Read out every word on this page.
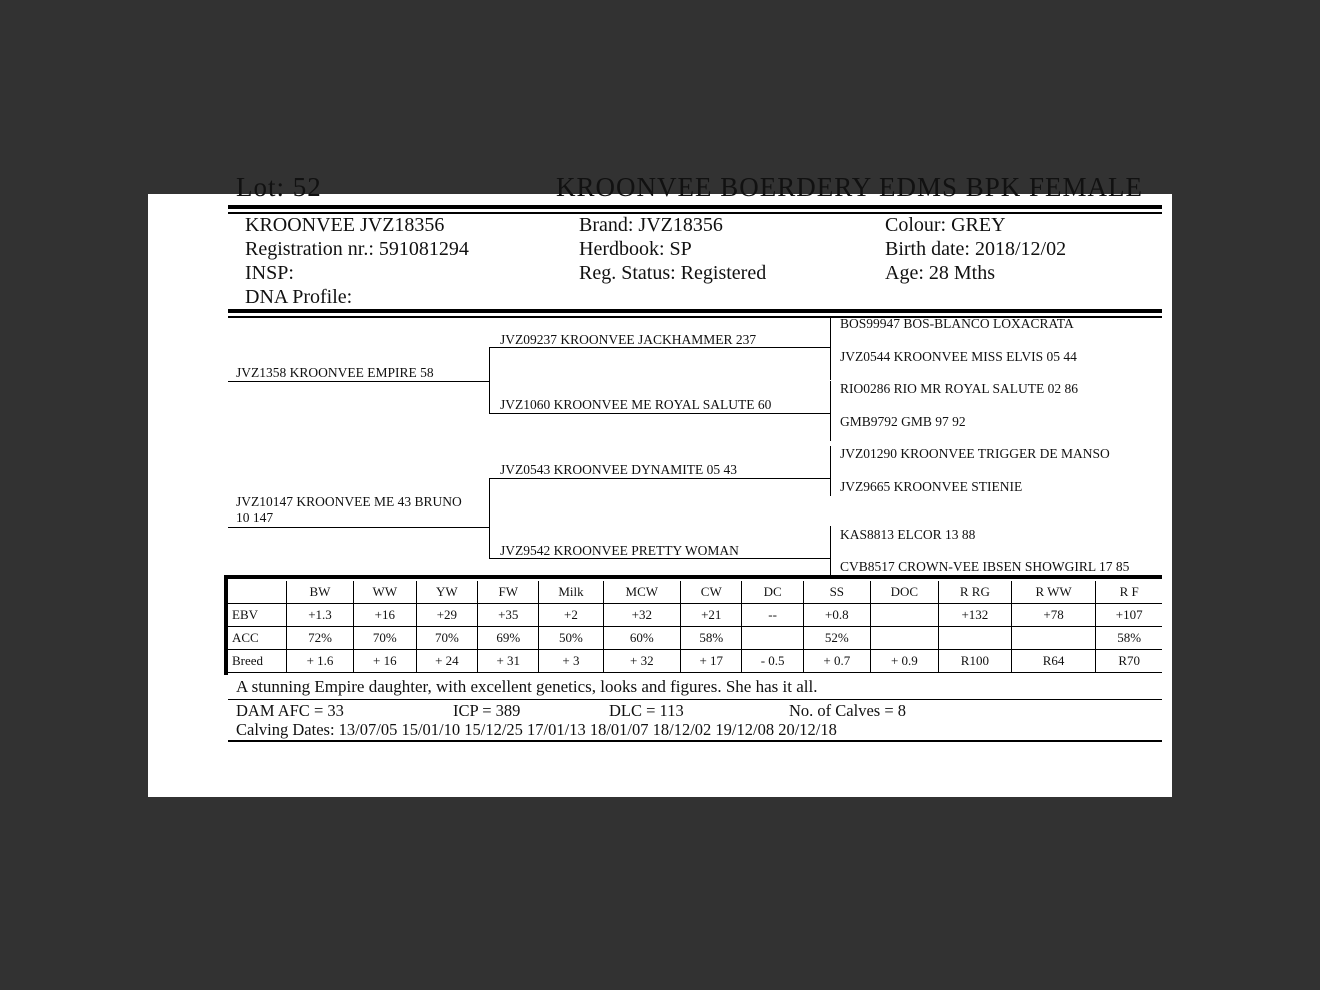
Lot: 52	KROONVEE BOERDERY EDMS BPK FEMALE
KROONVEE JVZ18356
Registration nr.: 591081294
INSP:
DNA Profile:
Brand: JVZ18356
Herdbook: SP
Reg. Status: Registered
Colour: GREY
Birth date: 2018/12/02
Age: 28 Mths
JVZ1358 KROONVEE EMPIRE 58
JVZ10147 KROONVEE ME 43 BRUNO
10 147
JVZ09237 KROONVEE JACKHAMMER 237
JVZ1060 KROONVEE ME ROYAL SALUTE 60
JVZ0543 KROONVEE DYNAMITE 05 43
JVZ9542 KROONVEE PRETTY WOMAN
BOS99947 BOS-BLANCO LOXACRATA
JVZ0544 KROONVEE MISS ELVIS 05 44
RIO0286 RIO MR ROYAL SALUTE 02 86
GMB9792 GMB 97 92
JVZ01290 KROONVEE TRIGGER DE MANSO
JVZ9665 KROONVEE STIENIE
KAS8813 ELCOR 13 88
CVB8517 CROWN-VEE IBSEN SHOWGIRL 17 85
	BW	WW	YW	FW	Milk	MCW	CW	DC	SS	DOC	R RG	R WW	R F
EBV	+1.3	+16	+29	+35	+2	+32	+21	--	+0.8		+132	+78	+107
ACC	72%	70%	70%	69%	50%	60%	58%		52%				58%
Breed	+ 1.6	+ 16	+ 24	+ 31	+ 3	+ 32	+ 17	- 0.5	+ 0.7	+ 0.9	R100	R64	R70
A stunning Empire daughter, with excellent genetics, looks and figures. She has it all.
DAM AFC = 33	ICP = 389	DLC = 113	No. of Calves = 8
Calving Dates: 13/07/05 15/01/10 15/12/25 17/01/13 18/01/07 18/12/02 19/12/08 20/12/18
